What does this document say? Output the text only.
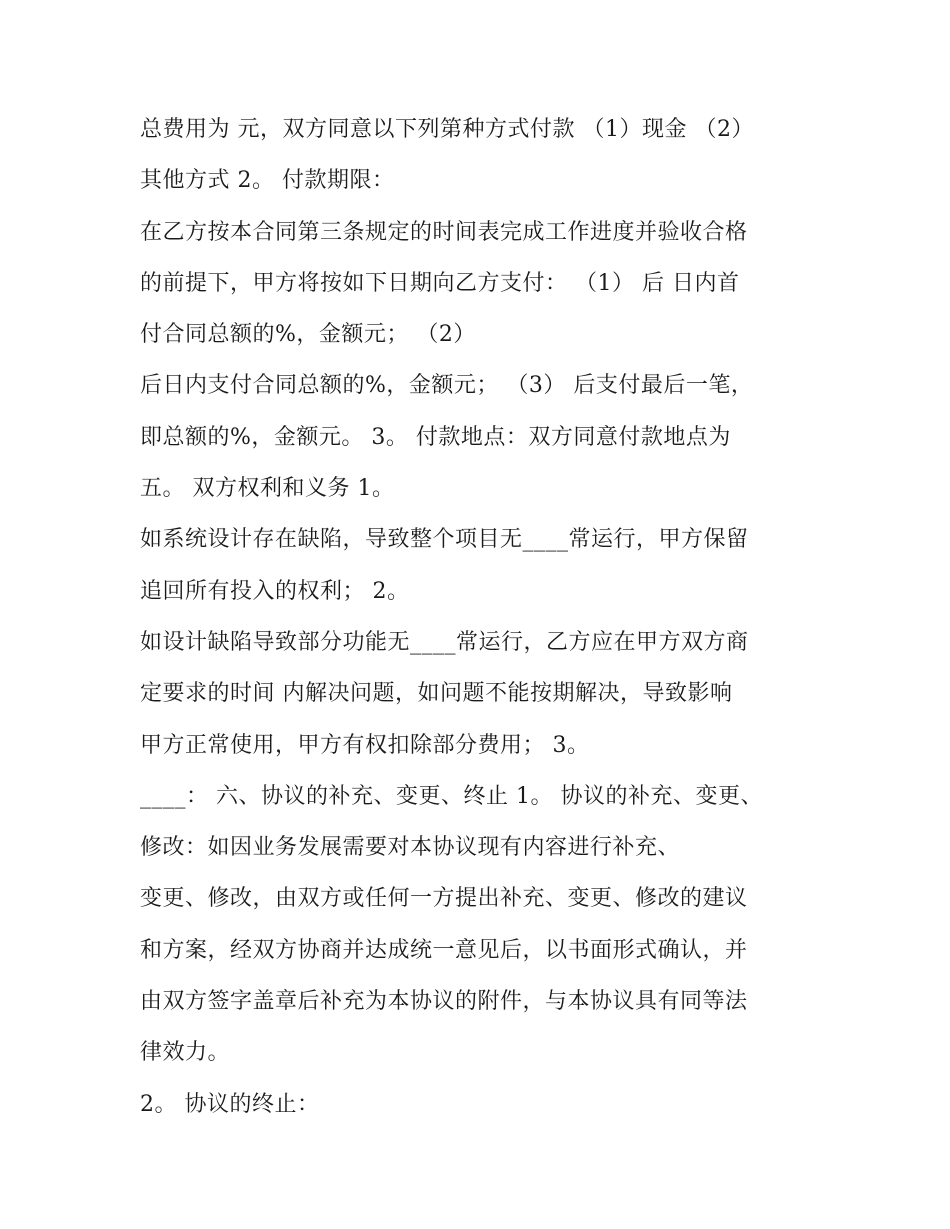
总费用为 元，双方同意以下列第种方式付款 （1）现金 （2）
其他方式 2。 付款期限：
在乙方按本合同第三条规定的时间表完成工作进度并验收合格
的前提下，甲方将按如下日期向乙方支付： （1） 后 日内首
付合同总额的%，金额元； （2）
后日内支付合同总额的%，金额元； （3） 后支付最后一笔，
即总额的%，金额元。 3。 付款地点：双方同意付款地点为
五。 双方权利和义务 1。
如系统设计存在缺陷，导致整个项目无____常运行，甲方保留
追回所有投入的权利； 2。
如设计缺陷导致部分功能无____常运行，乙方应在甲方双方商
定要求的时间 内解决问题，如问题不能按期解决，导致影响
甲方正常使用，甲方有权扣除部分费用； 3。
____： 六、协议的补充、变更、终止 1。 协议的补充、变更、
修改：如因业务发展需要对本协议现有内容进行补充、
变更、修改，由双方或任何一方提出补充、变更、修改的建议
和方案，经双方协商并达成统一意见后，以书面形式确认，并
由双方签字盖章后补充为本协议的附件，与本协议具有同等法
律效力。
2。 协议的终止：
